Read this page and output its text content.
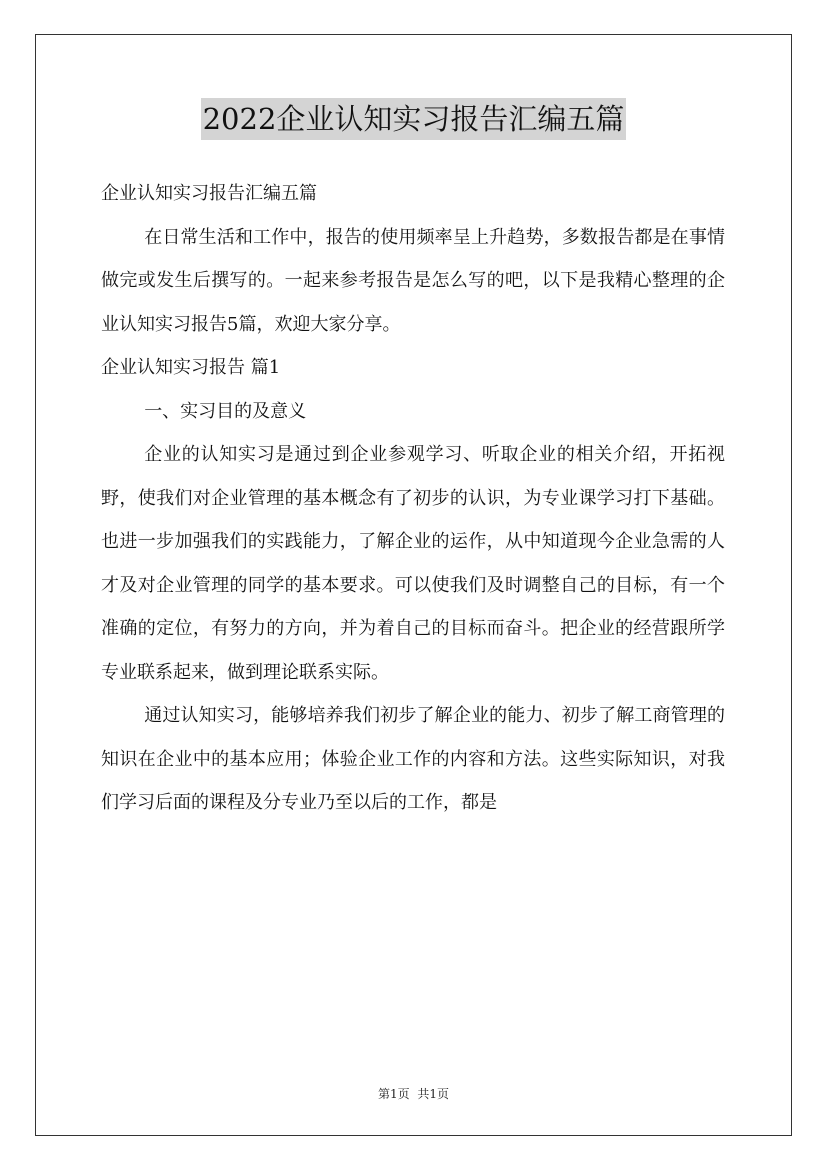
2022企业认知实习报告汇编五篇

企业认知实习报告汇编五篇

在日常生活和工作中，报告的使用频率呈上升趋势，多数报告都是在事情做完或发生后撰写的。一起来参考报告是怎么写的吧，以下是我精心整理的企业认知实习报告5篇，欢迎大家分享。

企业认知实习报告 篇1

一、实习目的及意义

企业的认知实习是通过到企业参观学习、听取企业的相关介绍，开拓视野，使我们对企业管理的基本概念有了初步的认识，为专业课学习打下基础。也进一步加强我们的实践能力，了解企业的运作，从中知道现今企业急需的人才及对企业管理的同学的基本要求。可以使我们及时调整自己的目标，有一个准确的定位，有努力的方向，并为着自己的目标而奋斗。把企业的经营跟所学专业联系起来，做到理论联系实际。

通过认知实习，能够培养我们初步了解企业的能力、初步了解工商管理的知识在企业中的基本应用；体验企业工作的内容和方法。这些实际知识，对我们学习后面的课程及分专业乃至以后的工作，都是

第1页 共1页
